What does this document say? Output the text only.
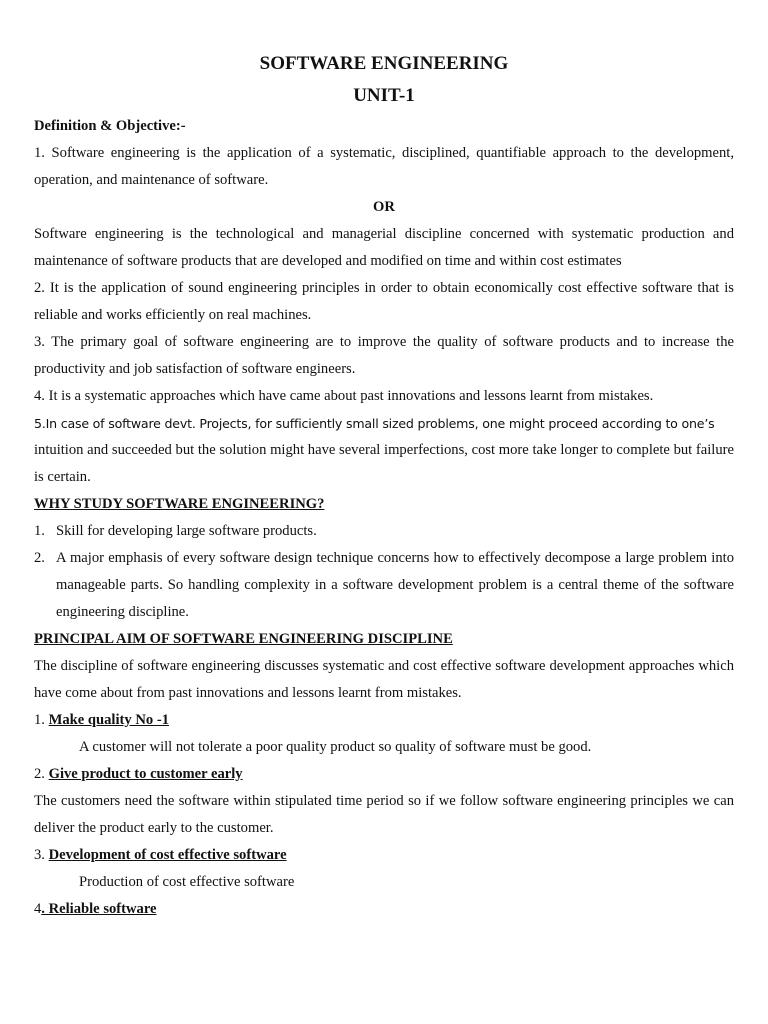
SOFTWARE ENGINEERING

UNIT-1

Definition & Objective:-

1. Software engineering is the application of a systematic, disciplined, quantifiable approach to the development, operation, and maintenance of software.

OR

Software engineering is the technological and managerial discipline concerned with systematic production and maintenance of software products that are developed and modified on time and within cost estimates

2. It is the application of sound engineering principles in order to obtain economically cost effective software that is reliable and works efficiently on real machines.

3. The primary goal of software engineering are to improve the quality of software products and to increase the productivity and job satisfaction of software engineers.

4. It is a systematic approaches which have came about past innovations and lessons learnt from mistakes.

5.In case of software devt. Projects, for sufficiently small sized problems, one might proceed according to one’s

intuition and succeeded but the solution might have several imperfections, cost more take longer to complete but failure is certain.

WHY STUDY SOFTWARE ENGINEERING?

1. Skill for developing large software products.
2. A major emphasis of every software design technique concerns how to effectively decompose a large problem into manageable parts. So handling complexity in a software development problem is a central theme of the software engineering discipline.

PRINCIPAL AIM OF SOFTWARE ENGINEERING DISCIPLINE

The discipline of software engineering discusses systematic and cost effective software development approaches which have come about from past innovations and lessons learnt from mistakes.

1. Make quality No -1

A customer will not tolerate a poor quality product so quality of software must be good.

2. Give product to customer early

The customers need the software within stipulated time period so if we follow software engineering principles we can deliver the product early to the customer.

3. Development of cost effective software

Production of cost effective software

4. Reliable software
